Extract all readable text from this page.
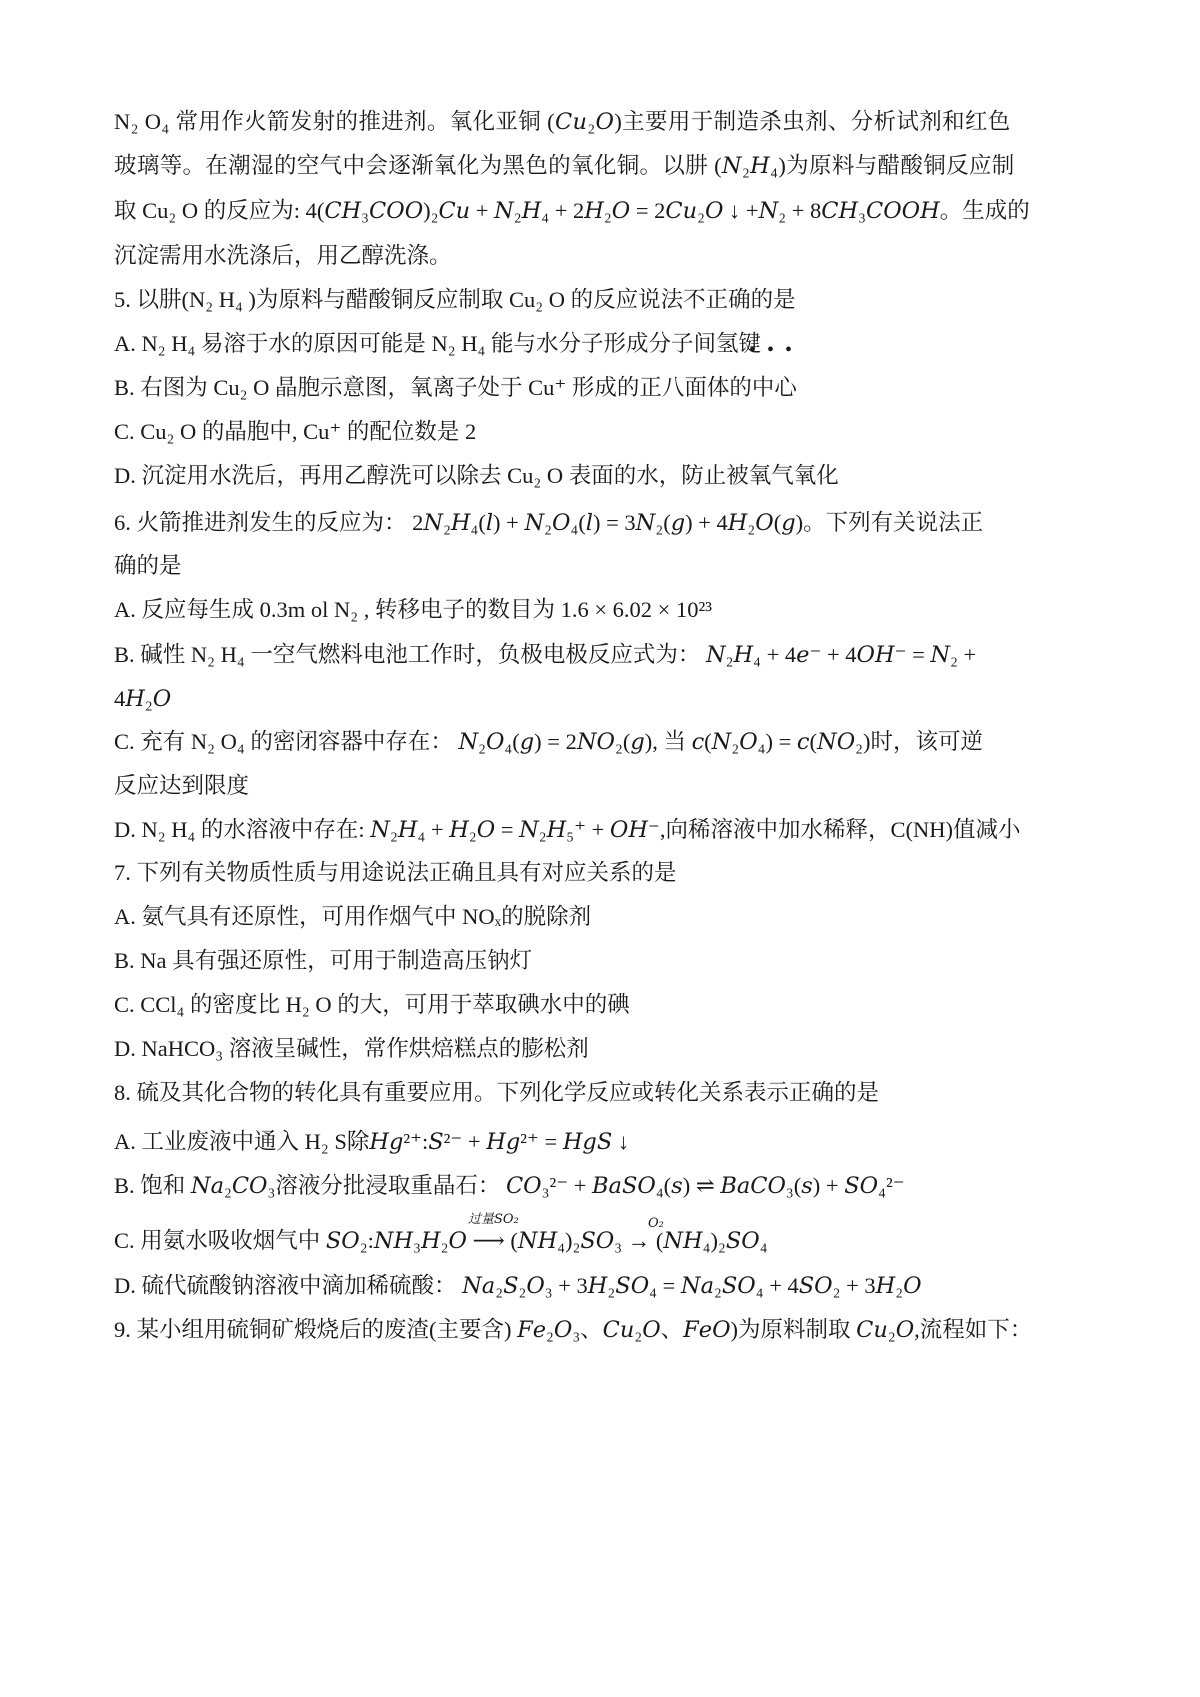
N₂ O₄ 常用作火箭发射的推进剂。氧化亚铜 (𝐶𝑢₂𝑂)主要用于制造杀虫剂、分析试剂和红色
玻璃等。在潮湿的空气中会逐渐氧化为黑色的氧化铜。以肼 (𝑁₂𝐻₄)为原料与醋酸铜反应制
取 Cu₂ O 的反应为: 4(𝐶𝐻₃𝐶𝑂𝑂)₂𝐶𝑢 + 𝑁₂𝐻₄ + 2𝐻₂𝑂 = 2𝐶𝑢₂𝑂 ↓ +𝑁₂ + 8𝐶𝐻₃𝐶𝑂𝑂𝐻。生成的
沉淀需用水洗涤后，用乙醇洗涤。
5. 以肼(N₂ H₄ )为原料与醋酸铜反应制取 Cu₂ O 的反应说法不正确的是
•••
A. N₂ H₄ 易溶于水的原因可能是 N₂ H₄ 能与水分子形成分子间氢键
B. 右图为 Cu₂ O 晶胞示意图，氧离子处于 Cu⁺ 形成的正八面体的中心
C. Cu₂ O 的晶胞中, Cu⁺ 的配位数是 2
D. 沉淀用水洗后，再用乙醇洗可以除去 Cu₂ O 表面的水，防止被氧气氧化
6. 火箭推进剂发生的反应为： 2𝑁₂𝐻₄(𝑙) + 𝑁₂𝑂₄(𝑙) = 3𝑁₂(𝑔) + 4𝐻₂𝑂(𝑔)。下列有关说法正
确的是
A. 反应每生成 0.3m ol N₂ , 转移电子的数目为 1.6 × 6.02 × 10²³
B. 碱性 N₂ H₄ 一空气燃料电池工作时，负极电极反应式为： 𝑁₂𝐻₄ + 4𝑒⁻ + 4𝑂𝐻⁻ = 𝑁₂ +
4𝐻₂𝑂
C. 充有 N₂ O₄ 的密闭容器中存在： 𝑁₂𝑂₄(𝑔) = 2𝑁𝑂₂(𝑔), 当 𝑐(𝑁₂𝑂₄) = 𝑐(𝑁𝑂₂)时，该可逆
反应达到限度
D. N₂ H₄ 的水溶液中存在: 𝑁₂𝐻₄ + 𝐻₂𝑂 = 𝑁₂𝐻₅⁺ + 𝑂𝐻⁻,向稀溶液中加水稀释，C(NH)值减小
7. 下列有关物质性质与用途说法正确且具有对应关系的是
A. 氨气具有还原性，可用作烟气中 NOₓ的脱除剂
B. Na 具有强还原性，可用于制造高压钠灯
C. CCl₄ 的密度比 H₂ O 的大，可用于萃取碘水中的碘
D. NaHCO₃ 溶液呈碱性，常作烘焙糕点的膨松剂
8. 硫及其化合物的转化具有重要应用。下列化学反应或转化关系表示正确的是
A. 工业废液中通入 H₂ S除𝐻𝑔²⁺:𝑆²⁻ + 𝐻𝑔²⁺ = 𝐻𝑔𝑆 ↓
B. 饱和 𝑁𝑎₂𝐶𝑂₃溶液分批浸取重晶石： 𝐶𝑂₃²⁻ + 𝐵𝑎𝑆𝑂₄(𝑠) ⇌ 𝐵𝑎𝐶𝑂₃(𝑠) + 𝑆𝑂₄²⁻
过量𝑆𝑂₂	𝑂₂
C. 用氨水吸收烟气中 𝑆𝑂₂:𝑁𝐻₃𝐻₂𝑂 ⟶ (𝑁𝐻₄)₂𝑆𝑂₃ → (𝑁𝐻₄)₂𝑆𝑂₄
D. 硫代硫酸钠溶液中滴加稀硫酸： 𝑁𝑎₂𝑆₂𝑂₃ + 3𝐻₂𝑆𝑂₄ = 𝑁𝑎₂𝑆𝑂₄ + 4𝑆𝑂₂ + 3𝐻₂𝑂
9. 某小组用硫铜矿煅烧后的废渣(主要含) 𝐹𝑒₂𝑂₃、𝐶𝑢₂𝑂、𝐹𝑒𝑂)为原料制取 𝐶𝑢₂𝑂,流程如下：
